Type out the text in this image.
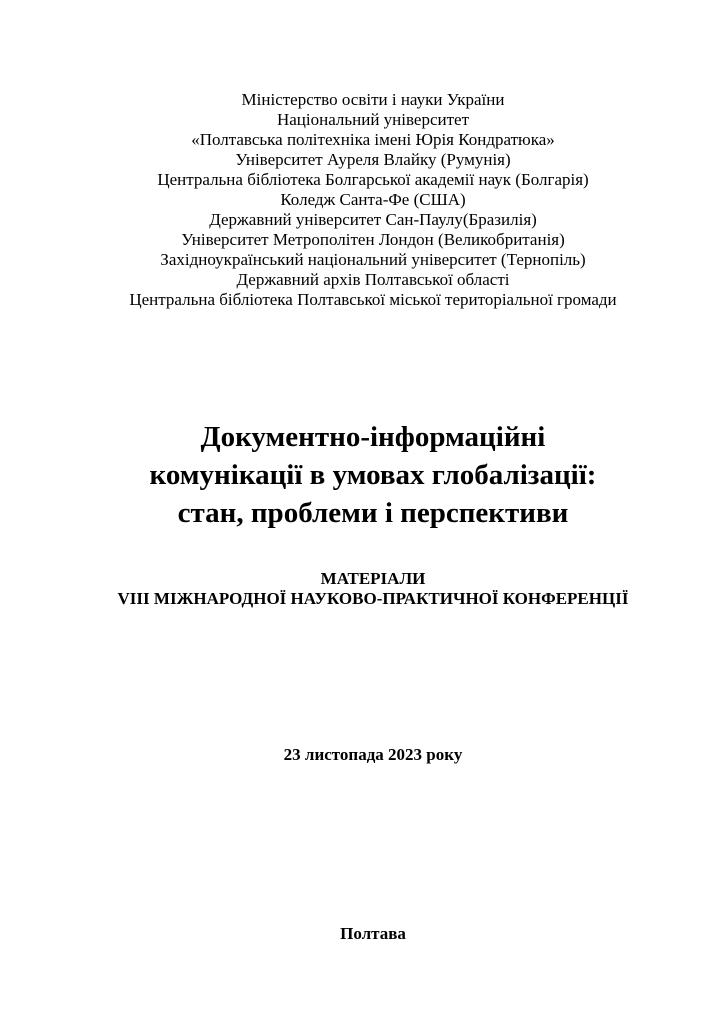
Міністерство освіти і науки України
Національний університет
«Полтавська політехніка імені Юрія Кондратюка»
Університет Ауреля Влайку (Румунія)
Центральна бібліотека Болгарської академії наук (Болгарія)
Коледж Санта-Фе (США)
Державний університет Сан-Паулу(Бразилія)
Університет Метрополітен Лондон (Великобританія)
Західноукраїнський національний університет (Тернопіль)
Державний архів Полтавської області
Центральна бібліотека Полтавської міської територіальної громади
Документно-інформаційні
комунікації в умовах глобалізації:
стан, проблеми і перспективи
МАТЕРІАЛИ
VIII МІЖНАРОДНОЇ НАУКОВО-ПРАКТИЧНОЇ КОНФЕРЕНЦІЇ
23 листопада 2023 року
Полтава
